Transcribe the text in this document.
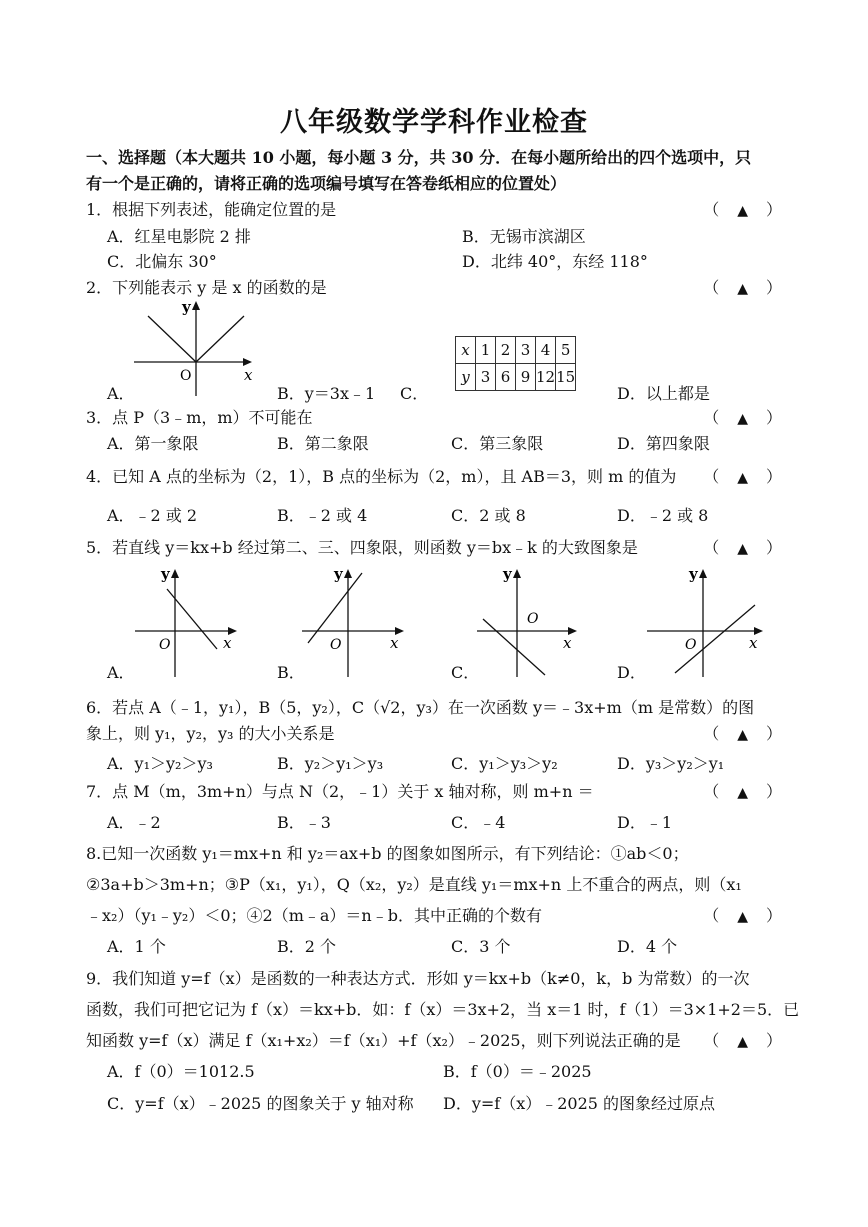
八年级数学学科作业检查
一、选择题（本大题共 10 小题，每小题 3 分，共 30 分．在每小题所给出的四个选项中，只
有一个是正确的，请将正确的选项编号填写在答卷纸相应的位置处）
1．根据下列表述，能确定位置的是	（ ▲ ）
A．红星电影院 2 排	B．无锡市滨湖区
C．北偏东 30°	D．北纬 40°，东经 118°
2．下列能表示 y 是 x 的函数的是	（ ▲ ）
O	x
y
A．	B．y＝3x﹣1 C．
x	1	2	3	4	5
y	3	6	9	12	15
D．以上都是
3．点 P（3﹣m，m）不可能在	（ ▲ ）
A．第一象限	B．第二象限	C．第三象限	D．第四象限
4．已知 A 点的坐标为（2，1），B 点的坐标为（2，m），且 AB＝3，则 m 的值为 （ ▲ ）
A．﹣2 或 2	B．﹣2 或 4	C．2 或 8	D．﹣2 或 8
5．若直线 y＝kx+b 经过第二、三、四象限，则函数 y＝bx﹣k 的大致图象是	（ ▲ ）
O	x
y
O	x
y
O
x
y
O	x
y
A．	B．	C．	D．
6．若点 A（﹣1，y₁），B（5，y₂），C（√2，y₃）在一次函数 y＝﹣3x+m（m 是常数）的图
象上，则 y₁，y₂，y₃ 的大小关系是	（ ▲ ）
A．y₁＞y₂＞y₃	B．y₂＞y₁＞y₃	C．y₁＞y₃＞y₂	D．y₃＞y₂＞y₁
7．点 M（m，3m+n）与点 N（2，﹣1）关于 x 轴对称，则 m+n ＝	（ ▲ ）
A．﹣2	B．﹣3	C．﹣4	D．﹣1
8.已知一次函数 y₁＝mx+n 和 y₂＝ax+b 的图象如图所示，有下列结论：①ab＜0；
②3a+b＞3m+n；③P（x₁，y₁），Q（x₂，y₂）是直线 y₁＝mx+n 上不重合的两点，则（x₁
﹣x₂）（y₁﹣y₂）＜0；④2（m﹣a）＝n﹣b．其中正确的个数有	（ ▲ ）
A．1 个	B．2 个	C．3 个	D．4 个
9．我们知道 y=f（x）是函数的一种表达方式．形如 y＝kx+b（k≠0，k，b 为常数）的一次
函数，我们可把它记为 f（x）＝kx+b．如：f（x）＝3x+2，当 x＝1 时，f（1）＝3×1+2＝5．已
知函数 y=f（x）满足 f（x₁+x₂）＝f（x₁）+f（x₂）﹣2025，则下列说法正确的是 （ ▲ ）
A．f（0）＝1012.5	B．f（0）＝﹣2025
C．y=f（x）﹣2025 的图象关于 y 轴对称 D．y=f（x）﹣2025 的图象经过原点
